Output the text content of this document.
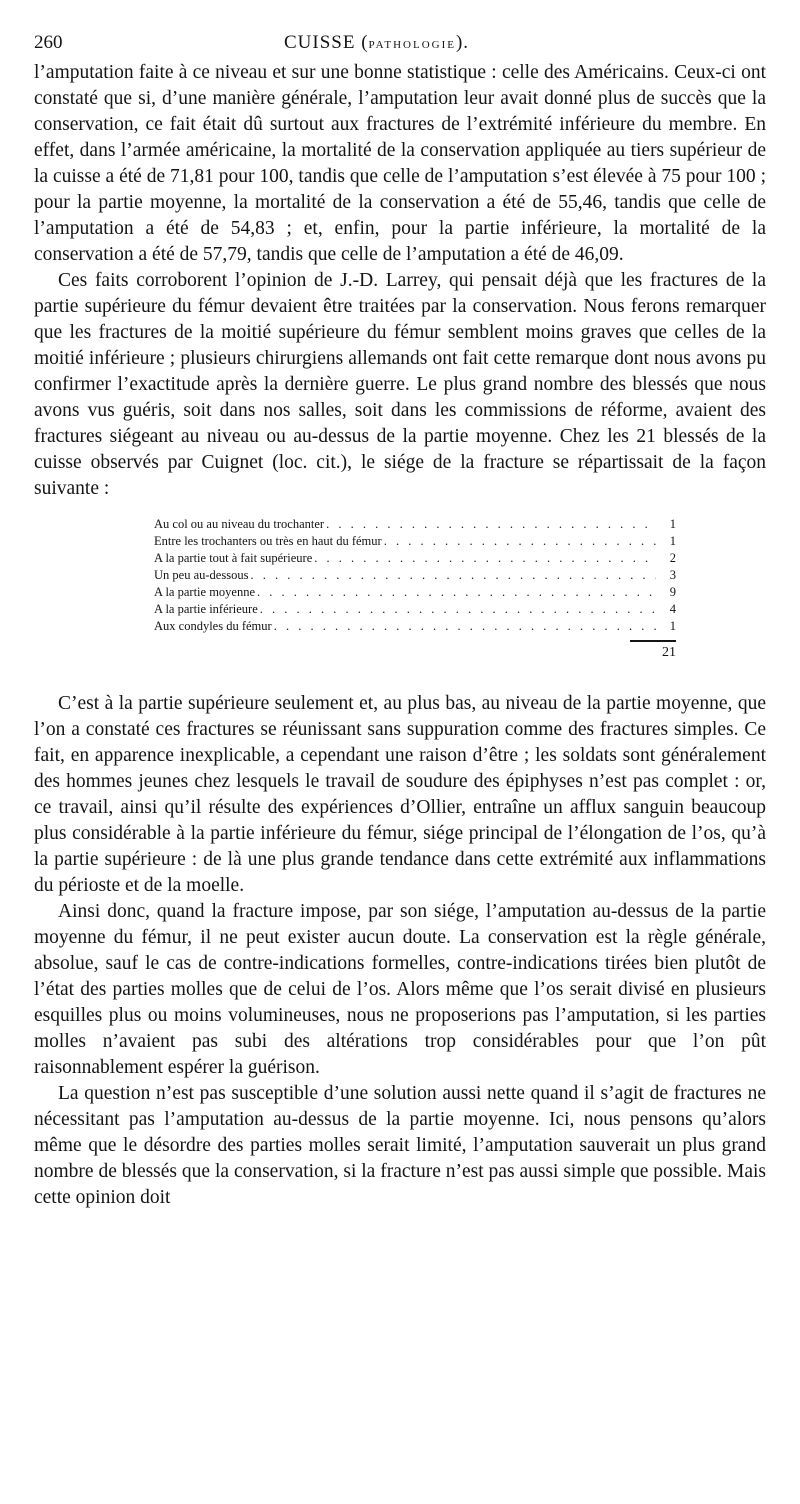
260	CUISSE (PATHOLOGIE).

l’amputation faite à ce niveau et sur une bonne statistique : celle des Américains. Ceux-ci ont constaté que si, d’une manière générale, l’amputation leur avait donné plus de succès que la conservation, ce fait était dû surtout aux fractures de l’extrémité inférieure du membre. En effet, dans l’armée américaine, la mortalité de la conservation appliquée au tiers supérieur de la cuisse a été de 71,81 pour 100, tandis que celle de l’amputation s’est élevée à 75 pour 100 ; pour la partie moyenne, la mortalité de la conservation a été de 55,46, tandis que celle de l’amputation a été de 54,83 ; et, enfin, pour la partie inférieure, la mortalité de la conservation a été de 57,79, tandis que celle de l’amputation a été de 46,09.

Ces faits corroborent l’opinion de J.-D. Larrey, qui pensait déjà que les fractures de la partie supérieure du fémur devaient être traitées par la conservation. Nous ferons remarquer que les fractures de la moitié supérieure du fémur semblent moins graves que celles de la moitié inférieure ; plusieurs chirurgiens allemands ont fait cette remarque dont nous avons pu confirmer l’exactitude après la dernière guerre. Le plus grand nombre des blessés que nous avons vus guéris, soit dans nos salles, soit dans les commissions de réforme, avaient des fractures siégeant au niveau ou au-dessus de la partie moyenne. Chez les 21 blessés de la cuisse observés par Cuignet (loc. cit.), le siége de la fracture se répartissait de la façon suivante :

Au col ou au niveau du trochanter . . .	1
Entre les trochanters ou très en haut du fémur . . .	1
A la partie tout à fait supérieure . . .	2
Un peu au-dessous . . .	3
A la partie moyenne . . .	9
A la partie inférieure . . .	4
Aux condyles du fémur . . .	1
21

C’est à la partie supérieure seulement et, au plus bas, au niveau de la partie moyenne, que l’on a constaté ces fractures se réunissant sans suppuration comme des fractures simples. Ce fait, en apparence inexplicable, a cependant une raison d’être ; les soldats sont généralement des hommes jeunes chez lesquels le travail de soudure des épiphyses n’est pas complet : or, ce travail, ainsi qu’il résulte des expériences d’Ollier, entraîne un afflux sanguin beaucoup plus considérable à la partie inférieure du fémur, siége principal de l’élongation de l’os, qu’à la partie supérieure : de là une plus grande tendance dans cette extrémité aux inflammations du périoste et de la moelle.

Ainsi donc, quand la fracture impose, par son siége, l’amputation au-dessus de la partie moyenne du fémur, il ne peut exister aucun doute. La conservation est la règle générale, absolue, sauf le cas de contre-indications formelles, contre-indications tirées bien plutôt de l’état des parties molles que de celui de l’os. Alors même que l’os serait divisé en plusieurs esquilles plus ou moins volumineuses, nous ne proposerions pas l’amputation, si les parties molles n’avaient pas subi des altérations trop considérables pour que l’on pût raisonnablement espérer la guérison.

La question n’est pas susceptible d’une solution aussi nette quand il s’agit de fractures ne nécessitant pas l’amputation au-dessus de la partie moyenne. Ici, nous pensons qu’alors même que le désordre des parties molles serait limité, l’amputation sauverait un plus grand nombre de blessés que la conservation, si la fracture n’est pas aussi simple que possible. Mais cette opinion doit
